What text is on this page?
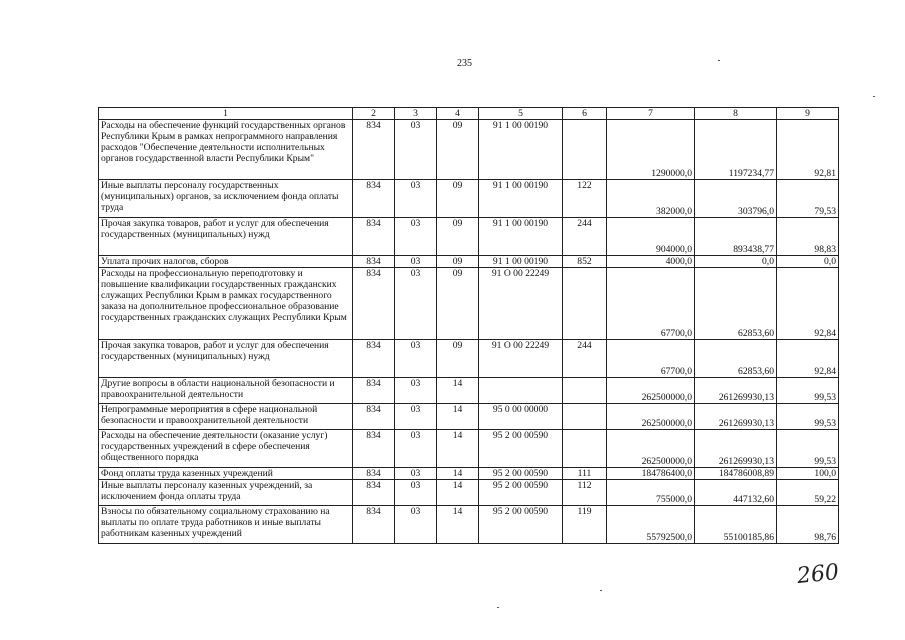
235
1	2	3	4	5	6	7	8	9
Расходы на обеспечение функций государственных органов Республики Крым в рамках непрограммного направления расходов "Обеспечение деятельности исполнительных органов государственной власти Республики Крым"	834	03	09	91 1 00 00190		1290000,0	1197234,77	92,81
Иные выплаты персоналу государственных (муниципальных) органов, за исключением фонда оплаты труда	834	03	09	91 1 00 00190	122	382000,0	303796,0	79,53
Прочая закупка товаров, работ и услуг для обеспечения государственных (муниципальных) нужд	834	03	09	91 1 00 00190	244	904000,0	893438,77	98,83
Уплата прочих налогов, сборов	834	03	09	91 1 00 00190	852	4000,0	0,0	0,0
Расходы на профессиональную переподготовку и повышение квалификации государственных гражданских служащих Республики Крым в рамках государственного заказа на дополнительное профессиональное образование государственных гражданских служащих Республики Крым	834	03	09	91 О 00 22249		67700,0	62853,60	92,84
Прочая закупка товаров, работ и услуг для обеспечения государственных (муниципальных) нужд	834	03	09	91 О 00 22249	244	67700,0	62853,60	92,84
Другие вопросы в области национальной безопасности и правоохранительной деятельности	834	03	14			262500000,0	261269930,13	99,53
Непрограммные мероприятия в сфере национальной безопасности и правоохранительной деятельности	834	03	14	95 0 00 00000		262500000,0	261269930,13	99,53
Расходы на обеспечение деятельности (оказание услуг) государственных учреждений в сфере обеспечения общественного порядка	834	03	14	95 2 00 00590		262500000,0	261269930,13	99,53
Фонд оплаты труда казенных учреждений	834	03	14	95 2 00 00590	111	184786400,0	184786008,89	100,0
Иные выплаты персоналу казенных учреждений, за исключением фонда оплаты труда	834	03	14	95 2 00 00590	112	755000,0	447132,60	59,22
Взносы по обязательному социальному страхованию на выплаты по оплате труда работников и иные выплаты работникам казенных учреждений	834	03	14	95 2 00 00590	119	55792500,0	55100185,86	98,76
260
